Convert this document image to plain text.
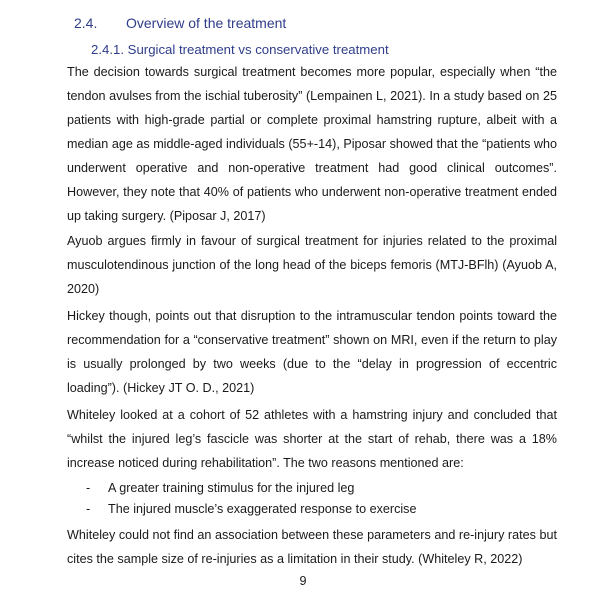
2.4. Overview of the treatment
2.4.1. Surgical treatment vs conservative treatment
The decision towards surgical treatment becomes more popular, especially when “the tendon avulses from the ischial tuberosity” (Lempainen L, 2021). In a study based on 25 patients with high-grade partial or complete proximal hamstring rupture, albeit with a median age as middle-aged individuals (55+-14), Piposar showed that the “patients who underwent operative and non-operative treatment had good clinical outcomes”. However, they note that 40% of patients who underwent non-operative treatment ended up taking surgery. (Piposar J, 2017)
Ayuob argues firmly in favour of surgical treatment for injuries related to the proximal musculotendinous junction of the long head of the biceps femoris (MTJ-BFlh) (Ayuob A, 2020)
Hickey though, points out that disruption to the intramuscular tendon points toward the recommendation for a “conservative treatment” shown on MRI, even if the return to play is usually prolonged by two weeks (due to the “delay in progression of eccentric loading”). (Hickey JT O. D., 2021)
Whiteley looked at a cohort of 52 athletes with a hamstring injury and concluded that “whilst the injured leg’s fascicle was shorter at the start of rehab, there was a 18% increase noticed during rehabilitation”. The two reasons mentioned are:
- A greater training stimulus for the injured leg
- The injured muscle’s exaggerated response to exercise
Whiteley could not find an association between these parameters and re-injury rates but cites the sample size of re-injuries as a limitation in their study. (Whiteley R, 2022)
9
